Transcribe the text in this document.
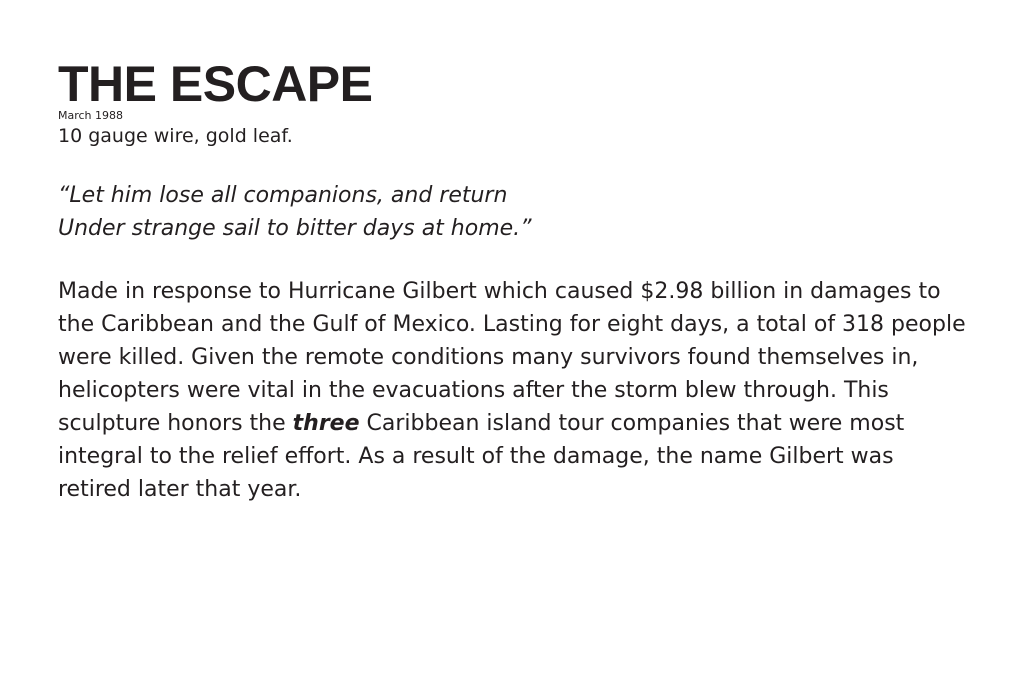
THE ESCAPE
March 1988
10 gauge wire, gold leaf.
“Let him lose all companions, and return
Under strange sail to bitter days at home.”

Made in response to Hurricane Gilbert which caused $2.98 billion in damages to the Caribbean and the Gulf of Mexico. Lasting for eight days, a total of 318 people were killed. Given the remote conditions many survivors found themselves in, helicopters were vital in the evacuations after the storm blew through. This sculpture honors the three Caribbean island tour companies that were most integral to the relief effort. As a result of the damage, the name Gilbert was retired later that year.
